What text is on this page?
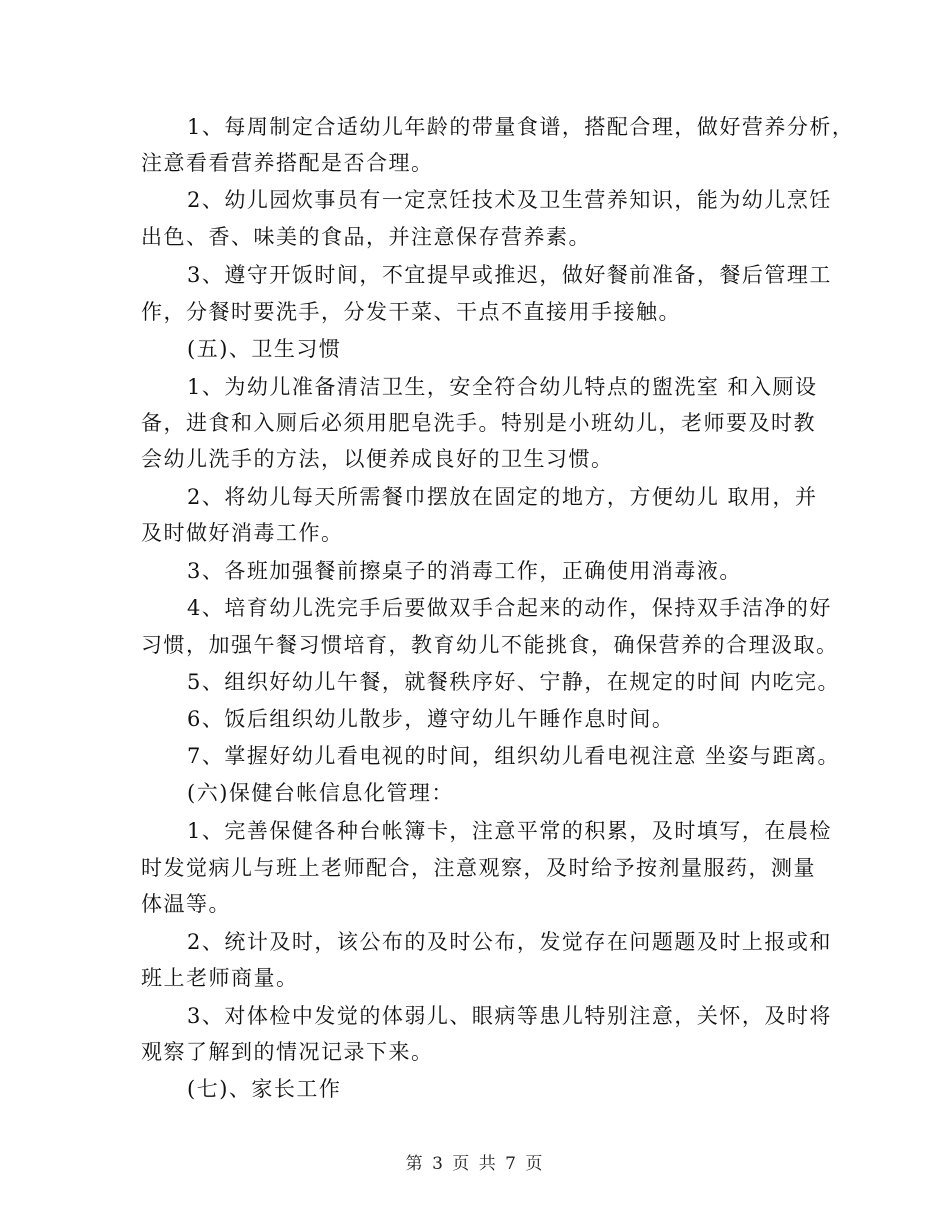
1、每周制定合适幼儿年龄的带量食谱，搭配合理，做好营养分析，
注意看看营养搭配是否合理。
2、幼儿园炊事员有一定烹饪技术及卫生营养知识，能为幼儿烹饪
出色、香、味美的食品，并注意保存营养素。
3、遵守开饭时间，不宜提早或推迟，做好餐前准备，餐后管理工
作，分餐时要洗手，分发干菜、干点不直接用手接触。
(五)、卫生习惯
1、为幼儿准备清洁卫生，安全符合幼儿特点的盥洗室 和入厕设
备，进食和入厕后必须用肥皂洗手。特别是小班幼儿，老师要及时教
会幼儿洗手的方法，以便养成良好的卫生习惯。
2、将幼儿每天所需餐巾摆放在固定的地方，方便幼儿 取用，并
及时做好消毒工作。
3、各班加强餐前擦桌子的消毒工作，正确使用消毒液。
4、培育幼儿洗完手后要做双手合起来的动作，保持双手洁净的好
习惯，加强午餐习惯培育，教育幼儿不能挑食，确保营养的合理汲取。
5、组织好幼儿午餐，就餐秩序好、宁静，在规定的时间 内吃完。
6、饭后组织幼儿散步，遵守幼儿午睡作息时间。
7、掌握好幼儿看电视的时间，组织幼儿看电视注意 坐姿与距离。
(六)保健台帐信息化管理：
1、完善保健各种台帐簿卡，注意平常的积累，及时填写，在晨检
时发觉病儿与班上老师配合，注意观察，及时给予按剂量服药，测量
体温等。
2、统计及时，该公布的及时公布，发觉存在问题题及时上报或和
班上老师商量。
3、对体检中发觉的体弱儿、眼病等患儿特别注意，关怀，及时将
观察了解到的情况记录下来。
(七)、家长工作
第 3 页 共 7 页
